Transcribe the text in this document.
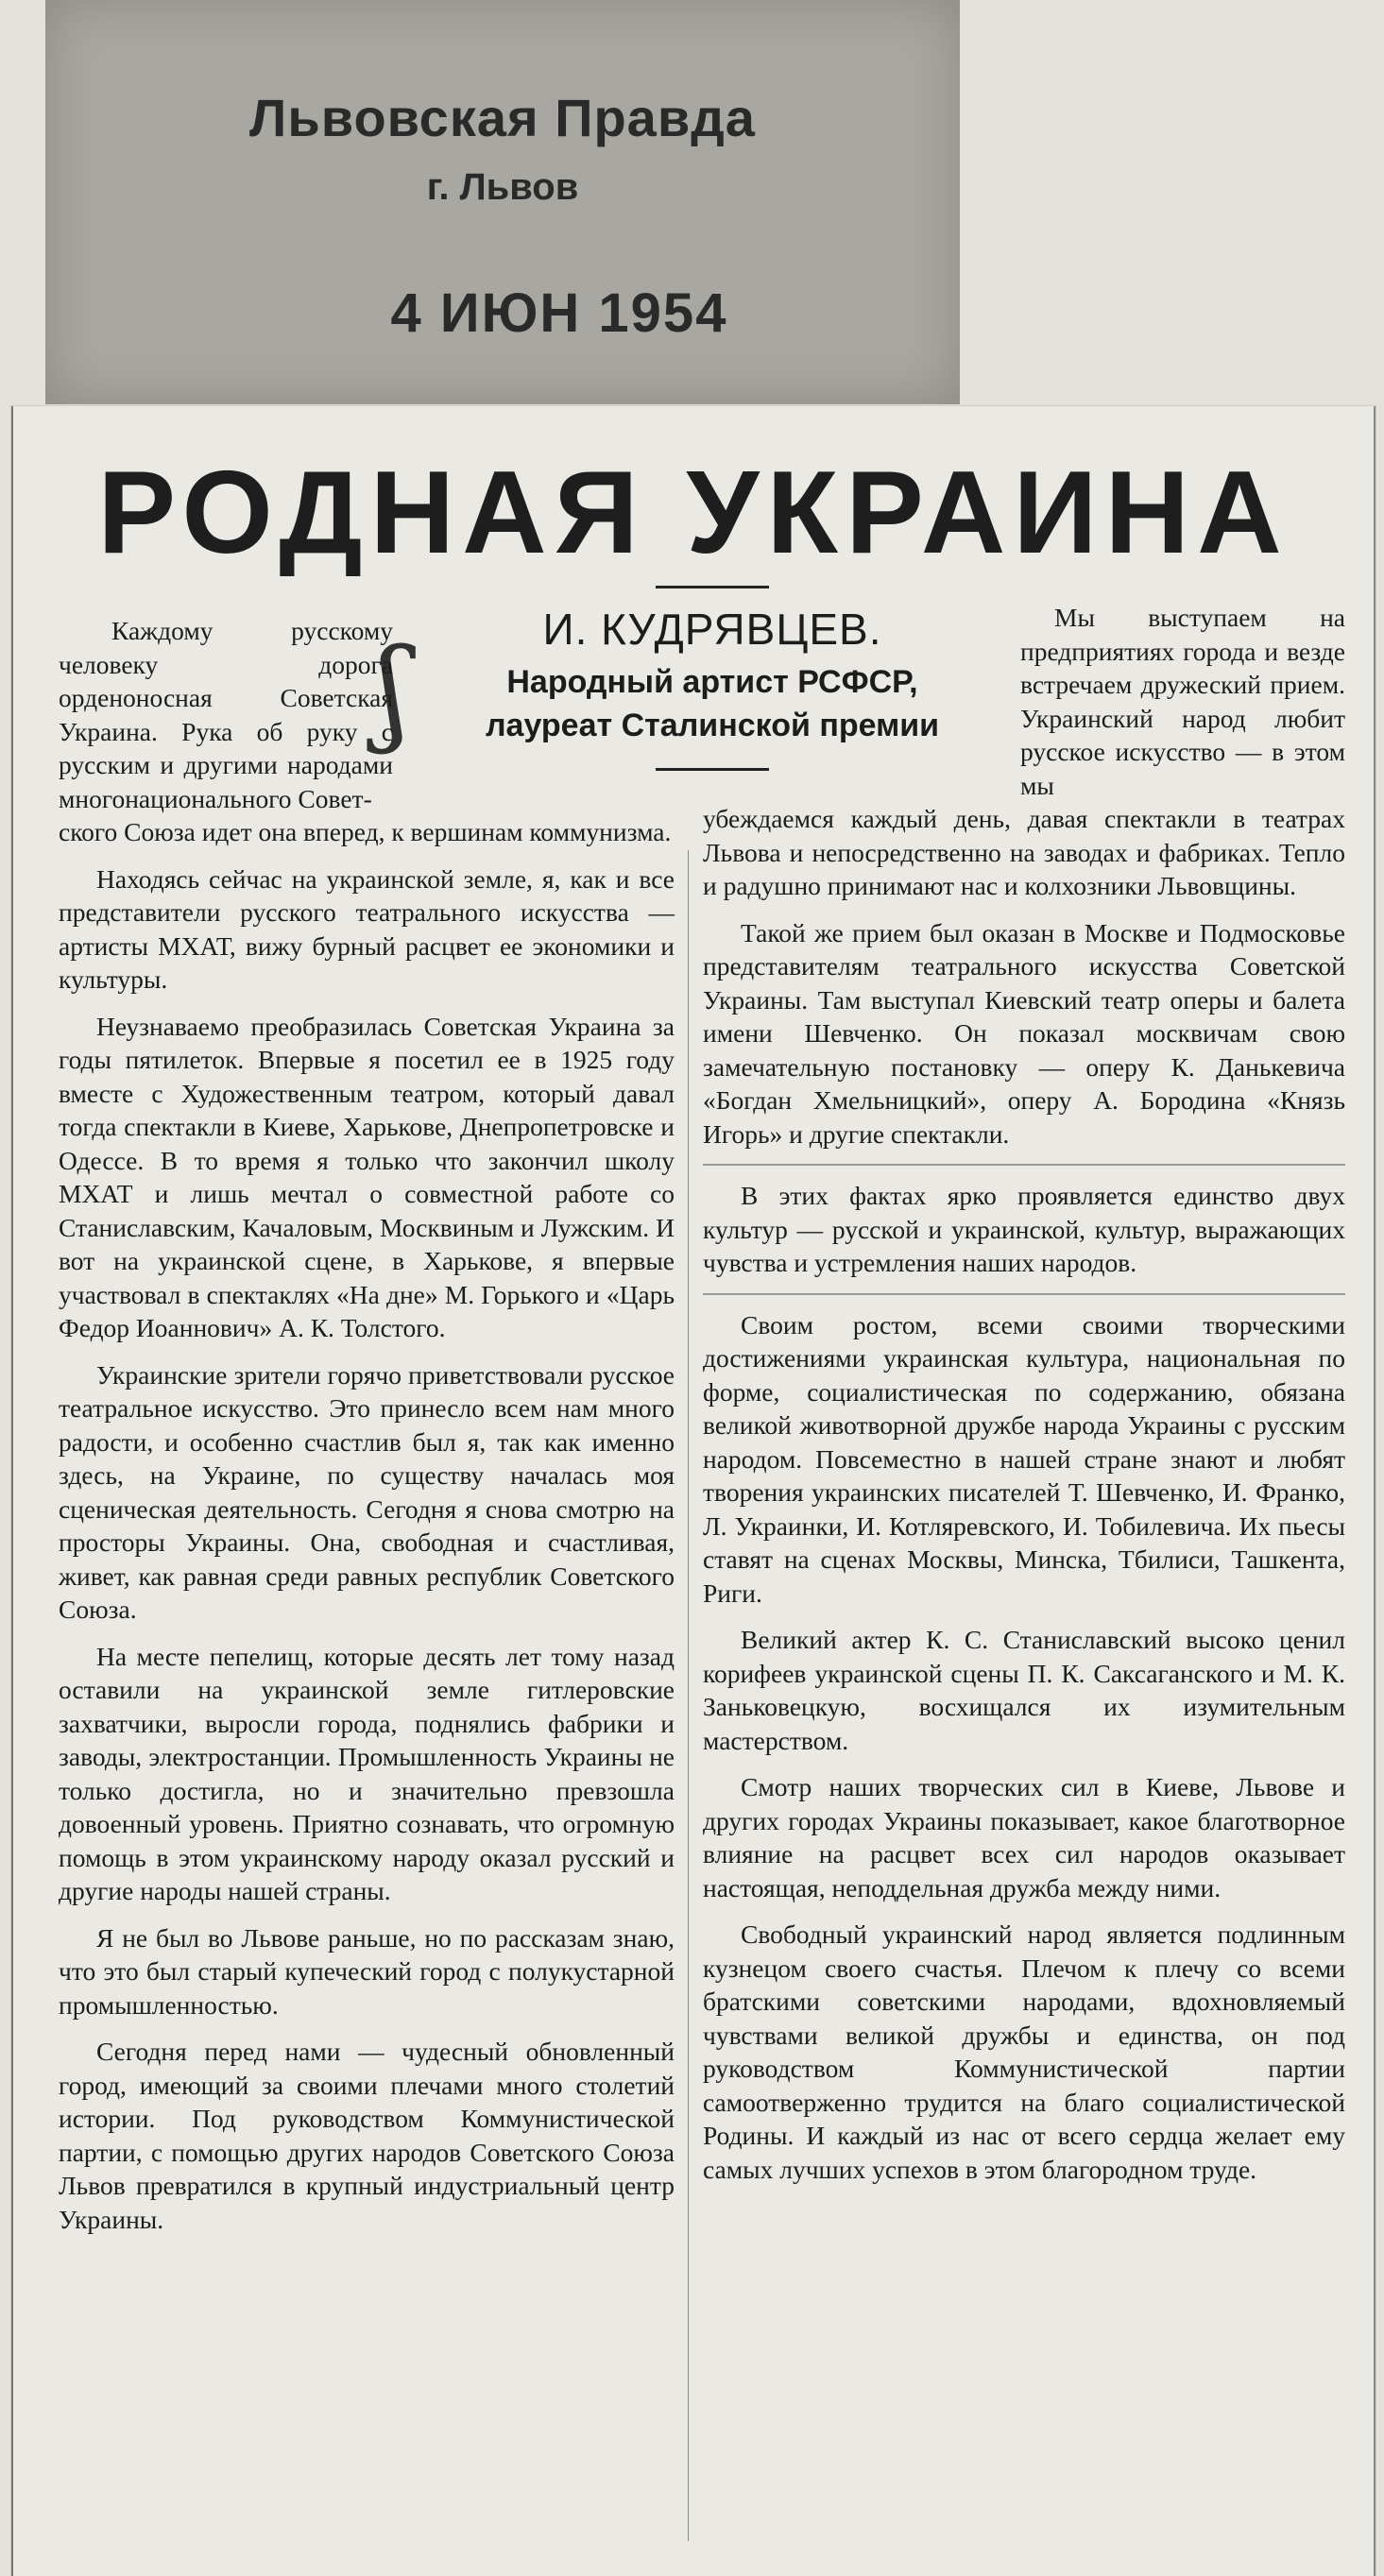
Львовская Правда
г. Львов
4 ИЮН 1954
РОДНАЯ УКРАИНА
ʃ	И. КУДРЯВЦЕВ.
Народный артист РСФСР,
лауреат Сталинской премии

Каждому русскому человеку дорога орденоносная Советская Украина. Рука об руку с русским и другими народами многонационального Совет-

ского Союза идет она вперед, к вершинам коммунизма.

Находясь сейчас на украинской земле, я, как и все представители русского театрального искусства — артисты МХАТ, вижу бурный расцвет ее экономики и культуры.

Неузнаваемо преобразилась Советская Украина за годы пятилеток. Впервые я посетил ее в 1925 году вместе с Художественным театром, который давал тогда спектакли в Киеве, Харькове, Днепропетровске и Одессе. В то время я только что закончил школу МХАТ и лишь мечтал о совместной работе со Станиславским, Качаловым, Москвиным и Лужским. И вот на украинской сцене, в Харькове, я впервые участвовал в спектаклях «На дне» М. Горького и «Царь Федор Иоаннович» А. К. Толстого.

Украинские зрители горячо приветствовали русское театральное искусство. Это принесло всем нам много радости, и особенно счастлив был я, так как именно здесь, на Украине, по существу началась моя сценическая деятельность. Сегодня я снова смотрю на просторы Украины. Она, свободная и счастливая, живет, как равная среди равных республик Советского Союза.

На месте пепелищ, которые десять лет тому назад оставили на украинской земле гитлеровские захватчики, выросли города, поднялись фабрики и заводы, электростанции. Промышленность Украины не только достигла, но и значительно превзошла довоенный уровень. Приятно сознавать, что огромную помощь в этом украинскому народу оказал русский и другие народы нашей страны.

Я не был во Львове раньше, но по рассказам знаю, что это был старый купеческий город с полукустарной промышленностью.

Сегодня перед нами — чудесный обновленный город, имеющий за своими плечами много столетий истории. Под руководством Коммунистической партии, с помощью других народов Советского Союза Львов превратился в крупный индустриальный центр Украины.

Мы выступаем на предприятиях города и везде встречаем дружеский прием. Украинский народ любит русское искусство — в этом мы

убеждаемся каждый день, давая спектакли в театрах Львова и непосредственно на заводах и фабриках. Тепло и радушно принимают нас и колхозники Львовщины.

Такой же прием был оказан в Москве и Подмосковье представителям театрального искусства Советской Украины. Там выступал Киевский театр оперы и балета имени Шевченко. Он показал москвичам свою замечательную постановку — оперу К. Данькевича «Богдан Хмельницкий», оперу А. Бородина «Князь Игорь» и другие спектакли.

В этих фактах ярко проявляется единство двух культур — русской и украинской, культур, выражающих чувства и устремления наших народов.

Своим ростом, всеми своими творческими достижениями украинская культура, национальная по форме, социалистическая по содержанию, обязана великой животворной дружбе народа Украины с русским народом. Повсеместно в нашей стране знают и любят творения украинских писателей Т. Шевченко, И. Франко, Л. Украинки, И. Котляревского, И. Тобилевича. Их пьесы ставят на сценах Москвы, Минска, Тбилиси, Ташкента, Риги.

Великий актер К. С. Станиславский высоко ценил корифеев украинской сцены П. К. Саксаганского и М. К. Заньковецкую, восхищался их изумительным мастерством.

Смотр наших творческих сил в Киеве, Львове и других городах Украины показывает, какое благотворное влияние на расцвет всех сил народов оказывает настоящая, неподдельная дружба между ними.

Свободный украинский народ является подлинным кузнецом своего счастья. Плечом к плечу со всеми братскими советскими народами, вдохновляемый чувствами великой дружбы и единства, он под руководством Коммунистической партии самоотверженно трудится на благо социалистической Родины. И каждый из нас от всего сердца желает ему самых лучших успехов в этом благородном труде.
